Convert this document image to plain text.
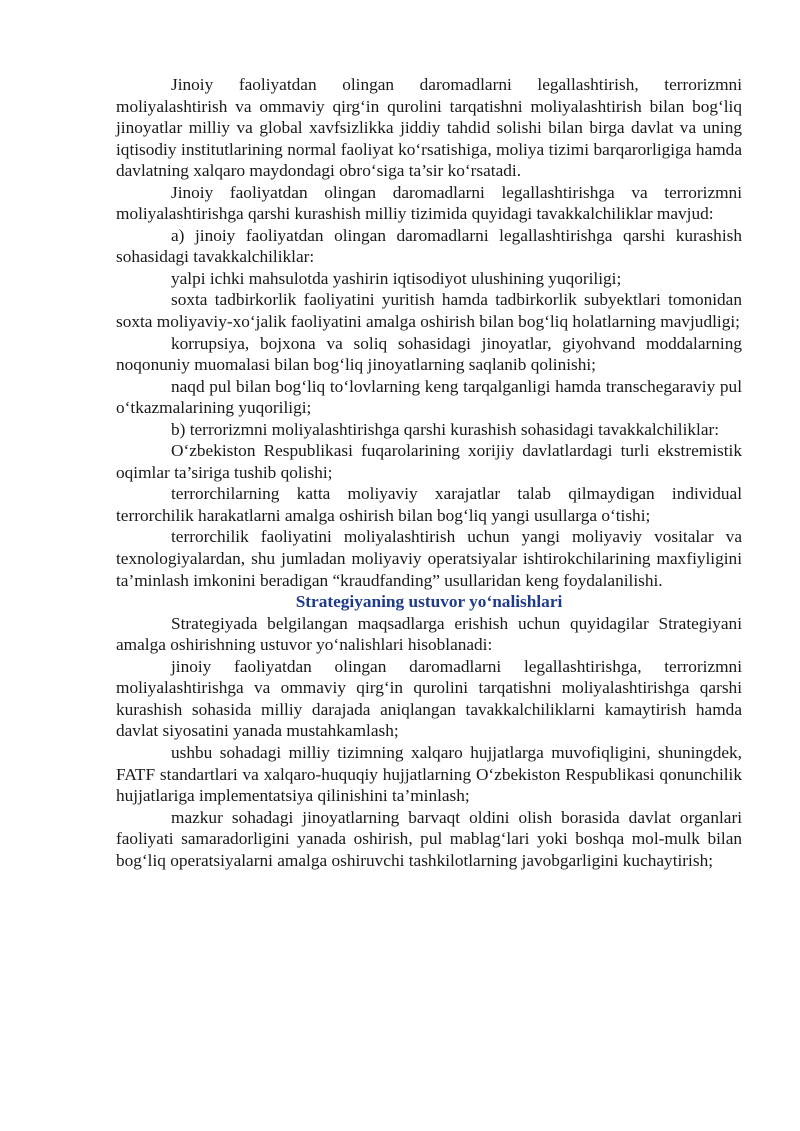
Jinoiy faoliyatdan olingan daromadlarni legallashtirish, terrorizmni moliyalashtirish va ommaviy qirg‘in qurolini tarqatishni moliyalashtirish bilan bog‘liq jinoyatlar milliy va global xavfsizlikka jiddiy tahdid solishi bilan birga davlat va uning iqtisodiy institutlarining normal faoliyat ko‘rsatishiga, moliya tizimi barqarorligiga hamda davlatning xalqaro maydondagi obro‘siga ta’sir ko‘rsatadi.

Jinoiy faoliyatdan olingan daromadlarni legallashtirishga va terrorizmni moliyalashtirishga qarshi kurashish milliy tizimida quyidagi tavakkalchiliklar mavjud:

a) jinoiy faoliyatdan olingan daromadlarni legallashtirishga qarshi kurashish sohasidagi tavakkalchiliklar:

yalpi ichki mahsulotda yashirin iqtisodiyot ulushining yuqoriligi;

soxta tadbirkorlik faoliyatini yuritish hamda tadbirkorlik subyektlari tomonidan soxta moliyaviy-xo‘jalik faoliyatini amalga oshirish bilan bog‘liq holatlarning mavjudligi;

korrupsiya, bojxona va soliq sohasidagi jinoyatlar, giyohvand moddalarning noqonuniy muomalasi bilan bog‘liq jinoyatlarning saqlanib qolinishi;

naqd pul bilan bog‘liq to‘lovlarning keng tarqalganligi hamda transchegaraviy pul o‘tkazmalarining yuqoriligi;

b) terrorizmni moliyalashtirishga qarshi kurashish sohasidagi tavakkalchiliklar:

O‘zbekiston Respublikasi fuqarolarining xorijiy davlatlardagi turli ekstremistik oqimlar ta’siriga tushib qolishi;

terrorchilarning katta moliyaviy xarajatlar talab qilmaydigan individual terrorchilik harakatlarni amalga oshirish bilan bog‘liq yangi usullarga o‘tishi;

terrorchilik faoliyatini moliyalashtirish uchun yangi moliyaviy vositalar va texnologiyalardan, shu jumladan moliyaviy operatsiyalar ishtirokchilarining maxfiyligini ta’minlash imkonini beradigan “kraudfanding” usullaridan keng foydalanilishi.

Strategiyaning ustuvor yo‘nalishlari

Strategiyada belgilangan maqsadlarga erishish uchun quyidagilar Strategiyani amalga oshirishning ustuvor yo‘nalishlari hisoblanadi:

jinoiy faoliyatdan olingan daromadlarni legallashtirishga, terrorizmni moliyalashtirishga va ommaviy qirg‘in qurolini tarqatishni moliyalashtirishga qarshi kurashish sohasida milliy darajada aniqlangan tavakkalchiliklarni kamaytirish hamda davlat siyosatini yanada mustahkamlash;

ushbu sohadagi milliy tizimning xalqaro hujjatlarga muvofiqligini, shuningdek, FATF standartlari va xalqaro-huquqiy hujjatlarning O‘zbekiston Respublikasi qonunchilik hujjatlariga implementatsiya qilinishini ta’minlash;

mazkur sohadagi jinoyatlarning barvaqt oldini olish borasida davlat organlari faoliyati samaradorligini yanada oshirish, pul mablag‘lari yoki boshqa mol-mulk bilan bog‘liq operatsiyalarni amalga oshiruvchi tashkilotlarning javobgarligini kuchaytirish;
